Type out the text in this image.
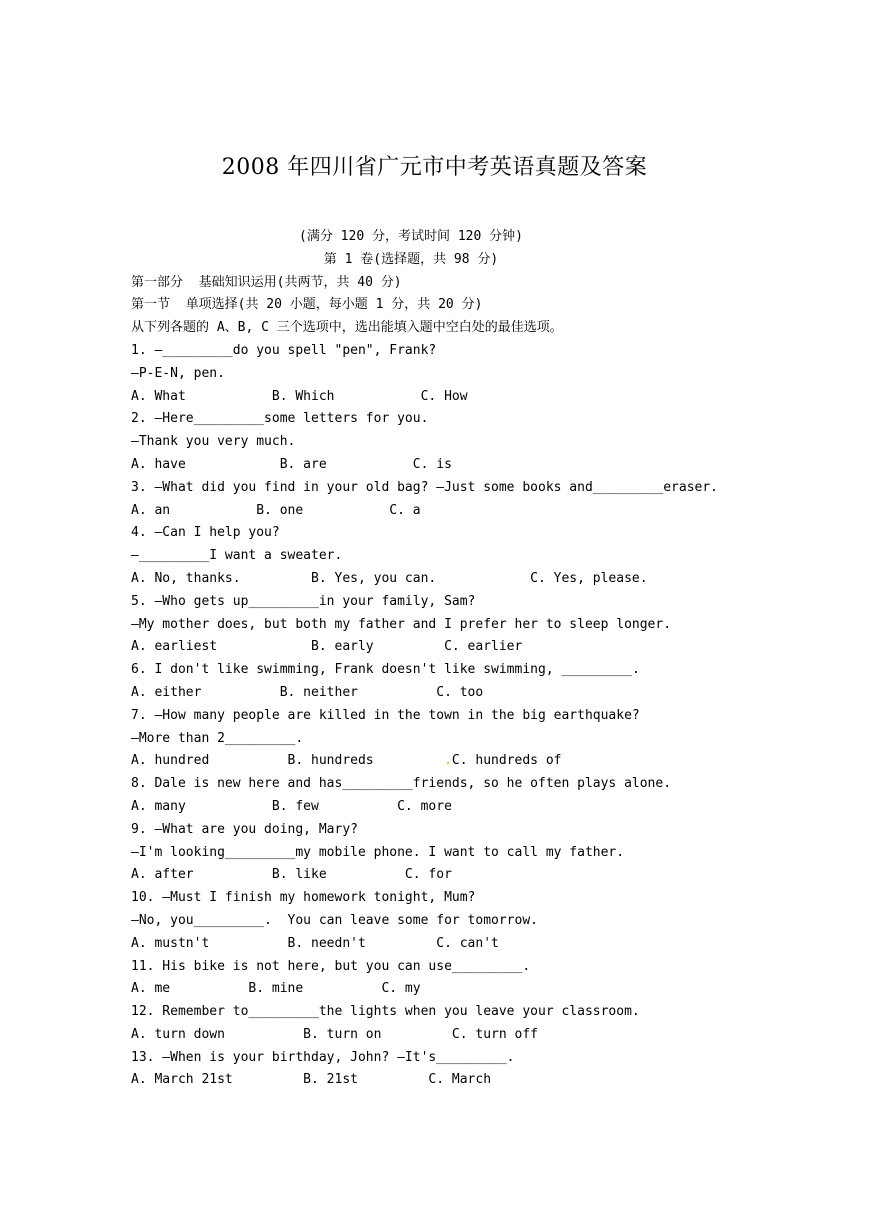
2008 年四川省广元市中考英语真题及答案
(满分 120 分，考试时间 120 分钟)
第 1 卷(选择题，共 98 分)
第一部分  基础知识运用(共两节，共 40 分)
第一节  单项选择(共 20 小题，每小题 1 分，共 20 分)
从下列各题的 A、B, C 三个选项中，选出能填入题中空白处的最佳选项。
1. —_________do you spell "pen", Frank?
—P-E-N, pen.
A. What           B. Which           C. How
2. —Here_________some letters for you.
—Thank you very much.
A. have            B. are           C. is
3. —What did you find in your old bag? —Just some books and_________eraser.
A. an           B. one           C. a
4. —Can I help you?
—_________I want a sweater.
A. No, thanks.         B. Yes, you can.            C. Yes, please.
5. —Who gets up_________in your family, Sam?
—My mother does, but both my father and I prefer her to sleep longer.
A. earliest            B. early         C. earlier
6. I don't like swimming, Frank doesn't like swimming, _________.
A. either          B. neither          C. too
7. —How many people are killed in the town in the big earthquake?
—More than 2_________.
A. hundred          B. hundreds         .C. hundreds of
8. Dale is new here and has_________friends, so he often plays alone.
A. many           B. few          C. more
9. —What are you doing, Mary?
—I'm looking_________my mobile phone. I want to call my father.
A. after          B. like          C. for
10. —Must I finish my homework tonight, Mum?
—No, you_________.  You can leave some for tomorrow.
A. mustn't          B. needn't         C. can't
11. His bike is not here, but you can use_________.
A. me          B. mine          C. my
12. Remember to_________the lights when you leave your classroom.
A. turn down          B. turn on         C. turn off
13. —When is your birthday, John? —It's_________.
A. March 21st         B. 21st         C. March
